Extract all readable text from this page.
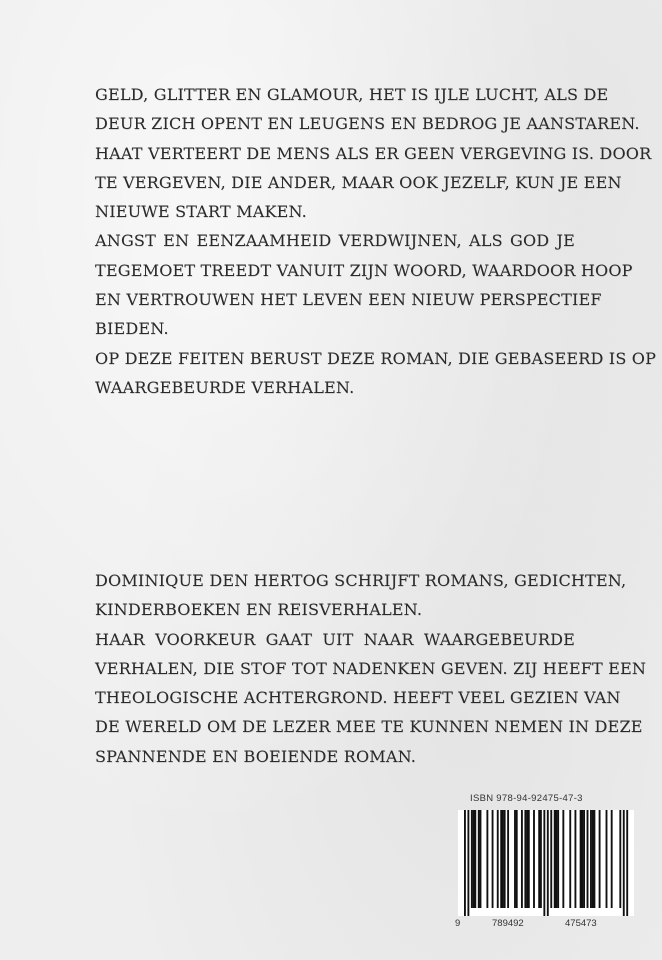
GELD, GLITTER EN GLAMOUR, HET IS IJLE LUCHT, ALS DE
DEUR ZICH OPENT EN LEUGENS EN BEDROG JE AANSTAREN.

HAAT VERTEERT DE MENS ALS ER GEEN VERGEVING IS. DOOR
TE VERGEVEN, DIE ANDER, MAAR OOK JEZELF, KUN JE EEN
NIEUWE START MAKEN.

ANGST EN EENZAAMHEID VERDWIJNEN, ALS GOD JE
TEGEMOET TREEDT VANUIT ZIJN WOORD, WAARDOOR HOOP
EN VERTROUWEN HET LEVEN EEN NIEUW PERSPECTIEF
BIEDEN.

OP DEZE FEITEN BERUST DEZE ROMAN, DIE GEBASEERD IS OP
WAARGEBEURDE VERHALEN.

DOMINIQUE DEN HERTOG SCHRIJFT ROMANS, GEDICHTEN,
KINDERBOEKEN EN REISVERHALEN.

HAAR VOORKEUR GAAT UIT NAAR WAARGEBEURDE
VERHALEN, DIE STOF TOT NADENKEN GEVEN. ZIJ HEEFT EEN
THEOLOGISCHE ACHTERGROND. HEEFT VEEL GEZIEN VAN
DE WERELD OM DE LEZER MEE TE KUNNEN NEMEN IN DEZE
SPANNENDE EN BOEIENDE ROMAN.

ISBN 978-94-92475-47-3
9	789492	475473
